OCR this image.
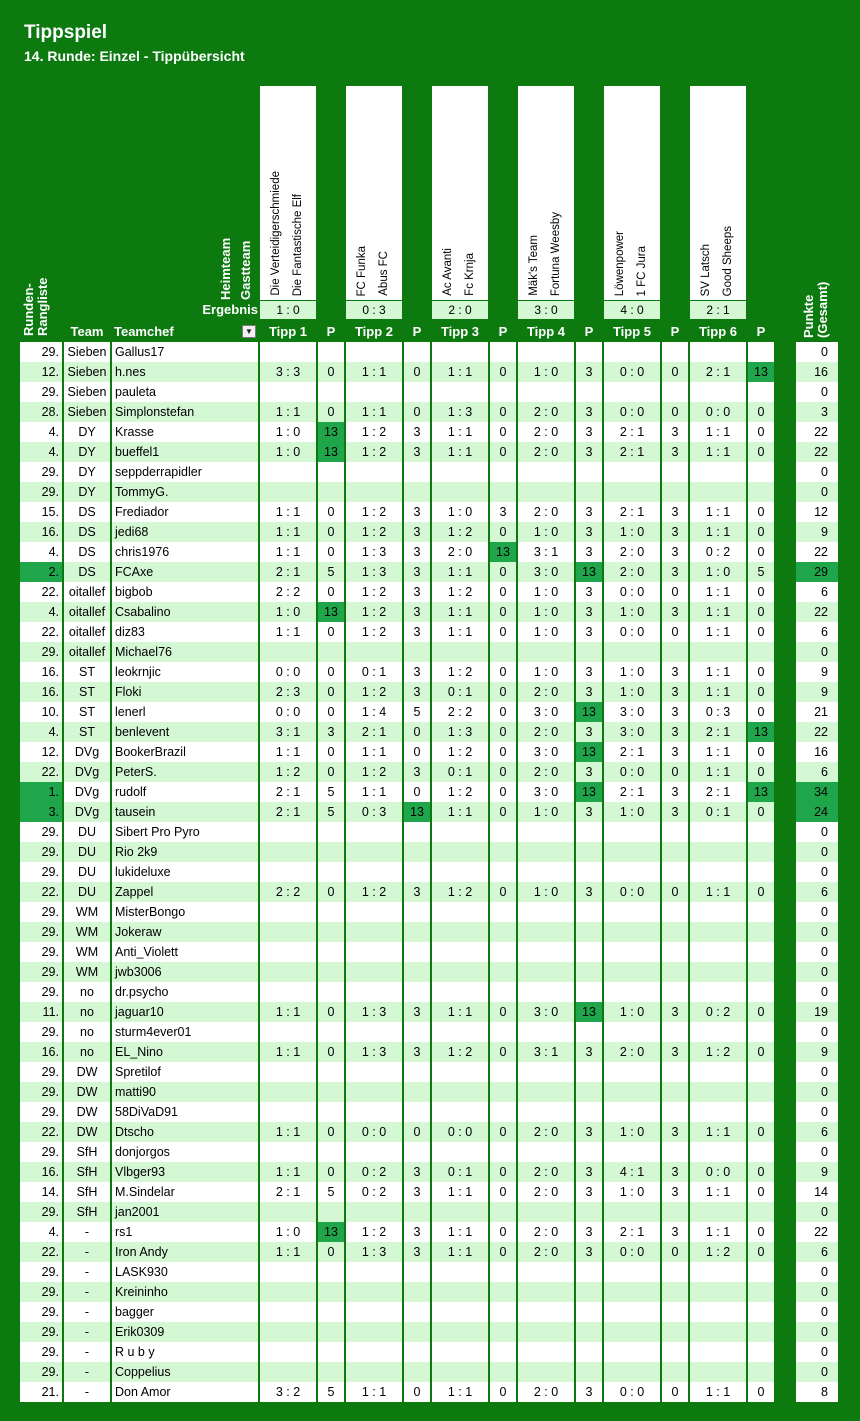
Tippspiel
14. Runde: Einzel - Tippübersicht
Runden-Rangliste
Heimteam Gastteam
Ergebnis	Punkte (Gesamt)
Die Verteidigerschmiede Die Fantastische Elf
1 : 0
Tipp 1	P
FC Funka Abus FC
0 : 3
Tipp 2	P
Ac Avanti Fc Krnja
2 : 0
Tipp 3	P
Mäk's Team Fortuna Weesby
3 : 0
Tipp 4	P
Löwenpower 1 FC Jura
4 : 0
Tipp 5	P
SV Latsch Good Sheeps
2 : 1
Tipp 6	P
Team Teamchef	▼
29. Sieben Gallus17	0
12. Sieben h.nes	3 : 3	0	1 : 1	0	1 : 1	0	1 : 0	3	0 : 0	0	2 : 1	13	16
29. Sieben pauleta	0
28. Sieben Simplonstefan	1 : 1	0	1 : 1	0	1 : 3	0	2 : 0	3	0 : 0	0	0 : 0	0	3
4.	DY	Krasse	1 : 0	13	1 : 2	3	1 : 1	0	2 : 0	3	2 : 1	3	1 : 1	0	22
4.	DY	bueffel1	1 : 0	13	1 : 2	3	1 : 1	0	2 : 0	3	2 : 1	3	1 : 1	0	22
29.	DY	seppderrapidler	0
29.	DY	TommyG.	0
15.	DS	Frediador	1 : 1	0	1 : 2	3	1 : 0	3	2 : 0	3	2 : 1	3	1 : 1	0	12
16.	DS	jedi68	1 : 1	0	1 : 2	3	1 : 2	0	1 : 0	3	1 : 0	3	1 : 1	0	9
4.	DS	chris1976	1 : 1	0	1 : 3	3	2 : 0	13	3 : 1	3	2 : 0	3	0 : 2	0	22
2.	DS	FCAxe	2 : 1	5	1 : 3	3	1 : 1	0	3 : 0	13	2 : 0	3	1 : 0	5	29
22. oitallef bigbob	2 : 2	0	1 : 2	3	1 : 2	0	1 : 0	3	0 : 0	0	1 : 1	0	6
4. oitallef Csabalino	1 : 0	13	1 : 2	3	1 : 1	0	1 : 0	3	1 : 0	3	1 : 1	0	22
22. oitallef diz83	1 : 1	0	1 : 2	3	1 : 1	0	1 : 0	3	0 : 0	0	1 : 1	0	6
29. oitallef Michael76	0
16.	ST	leokrnjic	0 : 0	0	0 : 1	3	1 : 2	0	1 : 0	3	1 : 0	3	1 : 1	0	9
16.	ST	Floki	2 : 3	0	1 : 2	3	0 : 1	0	2 : 0	3	1 : 0	3	1 : 1	0	9
10.	ST	lenerl	0 : 0	0	1 : 4	5	2 : 2	0	3 : 0	13	3 : 0	3	0 : 3	0	21
4.	ST	benlevent	3 : 1	3	2 : 1	0	1 : 3	0	2 : 0	3	3 : 0	3	2 : 1	13	22
12.	DVg	BookerBrazil	1 : 1	0	1 : 1	0	1 : 2	0	3 : 0	13	2 : 1	3	1 : 1	0	16
22.	DVg	PeterS.	1 : 2	0	1 : 2	3	0 : 1	0	2 : 0	3	0 : 0	0	1 : 1	0	6
1.	DVg	rudolf	2 : 1	5	1 : 1	0	1 : 2	0	3 : 0	13	2 : 1	3	2 : 1	13	34
3.	DVg	tausein	2 : 1	5	0 : 3	13	1 : 1	0	1 : 0	3	1 : 0	3	0 : 1	0	24
29.	DU	Sibert Pro Pyro	0
29.	DU	Rio 2k9	0
29.	DU	lukideluxe	0
22.	DU	Zappel	2 : 2	0	1 : 2	3	1 : 2	0	1 : 0	3	0 : 0	0	1 : 1	0	6
29.	WM	MisterBongo	0
29.	WM	Jokeraw	0
29.	WM	Anti_Violett	0
29.	WM	jwb3006	0
29.	no	dr.psycho	0
11.	no	jaguar10	1 : 1	0	1 : 3	3	1 : 1	0	3 : 0	13	1 : 0	3	0 : 2	0	19
29.	no	sturm4ever01	0
16.	no	EL_Nino	1 : 1	0	1 : 3	3	1 : 2	0	3 : 1	3	2 : 0	3	1 : 2	0	9
29.	DW	Spretilof	0
29.	DW	matti90	0
29.	DW	58DiVaD91	0
22.	DW	Dtscho	1 : 1	0	0 : 0	0	0 : 0	0	2 : 0	3	1 : 0	3	1 : 1	0	6
29.	SfH	donjorgos	0
16.	SfH	Vlbger93	1 : 1	0	0 : 2	3	0 : 1	0	2 : 0	3	4 : 1	3	0 : 0	0	9
14.	SfH	M.Sindelar	2 : 1	5	0 : 2	3	1 : 1	0	2 : 0	3	1 : 0	3	1 : 1	0	14
29.	SfH	jan2001	0
4.	-	rs1	1 : 0	13	1 : 2	3	1 : 1	0	2 : 0	3	2 : 1	3	1 : 1	0	22
22.	-	Iron Andy	1 : 1	0	1 : 3	3	1 : 1	0	2 : 0	3	0 : 0	0	1 : 2	0	6
29.	-	LASK930	0
29.	-	Kreininho	0
29.	-	bagger	0
29.	-	Erik0309	0
29.	-	R u b y	0
29.	-	Coppelius	0
21.	-	Don Amor	3 : 2	5	1 : 1	0	1 : 1	0	2 : 0	3	0 : 0	0	1 : 1	0	8
